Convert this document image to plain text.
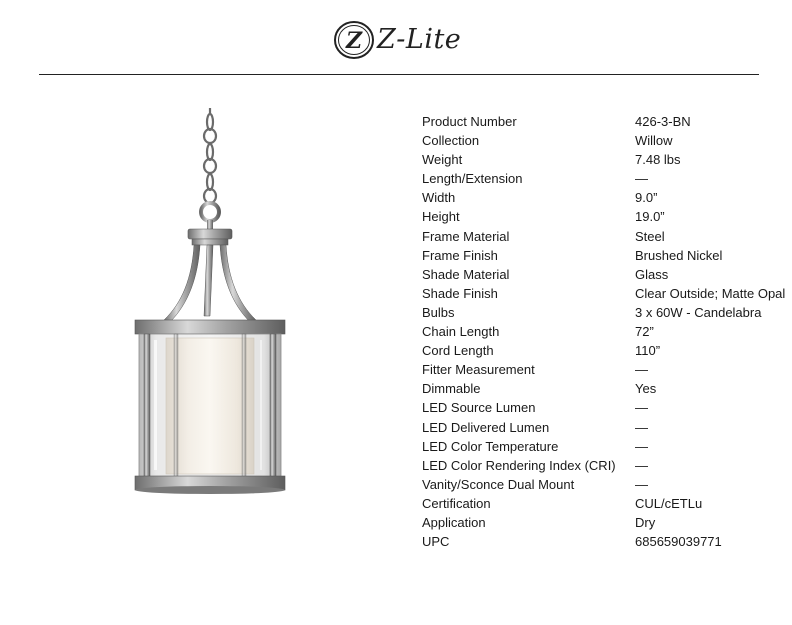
Z Z-Lite
Product Number	426-3-BN
Collection	Willow
Weight	7.48 lbs
Length/Extension	—
Width	9.0”
Height	19.0”
Frame Material	Steel
Frame Finish	Brushed Nickel
Shade Material	Glass
Shade Finish	Clear Outside; Matte Opal
Bulbs	3 x 60W - Candelabra
Chain Length	72”
Cord Length	110”
Fitter Measurement	—
Dimmable	Yes
LED Source Lumen	—
LED Delivered Lumen	—
LED Color Temperature	—
LED Color Rendering Index (CRI)	—
Vanity/Sconce Dual Mount	—
Certification	CUL/cETLu
Application	Dry
UPC	685659039771
